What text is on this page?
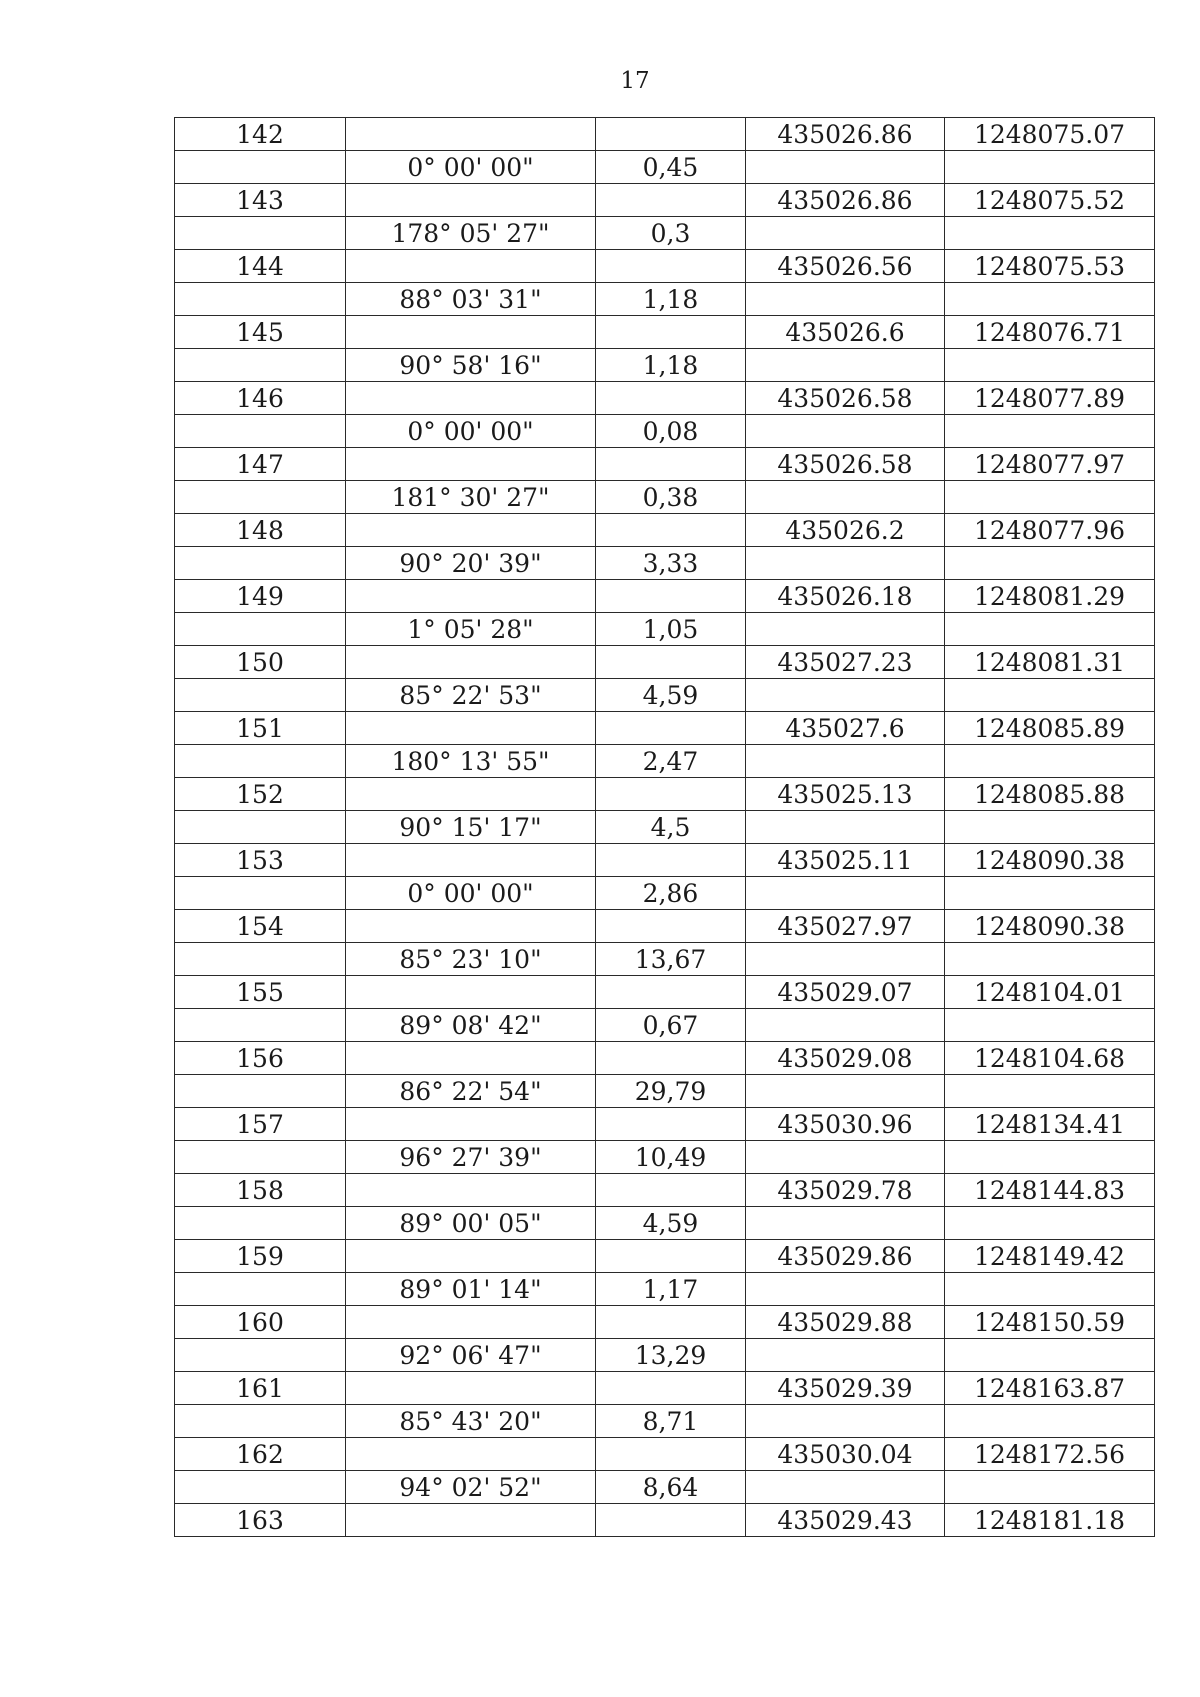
17
142			435026.86	1248075.07
	0° 00' 00"	0,45		
143			435026.86	1248075.52
	178° 05' 27"	0,3		
144			435026.56	1248075.53
	88° 03' 31"	1,18		
145			435026.6	1248076.71
	90° 58' 16"	1,18		
146			435026.58	1248077.89
	0° 00' 00"	0,08		
147			435026.58	1248077.97
	181° 30' 27"	0,38		
148			435026.2	1248077.96
	90° 20' 39"	3,33		
149			435026.18	1248081.29
	1° 05' 28"	1,05		
150			435027.23	1248081.31
	85° 22' 53"	4,59		
151			435027.6	1248085.89
	180° 13' 55"	2,47		
152			435025.13	1248085.88
	90° 15' 17"	4,5		
153			435025.11	1248090.38
	0° 00' 00"	2,86		
154			435027.97	1248090.38
	85° 23' 10"	13,67		
155			435029.07	1248104.01
	89° 08' 42"	0,67		
156			435029.08	1248104.68
	86° 22' 54"	29,79		
157			435030.96	1248134.41
	96° 27' 39"	10,49		
158			435029.78	1248144.83
	89° 00' 05"	4,59		
159			435029.86	1248149.42
	89° 01' 14"	1,17		
160			435029.88	1248150.59
	92° 06' 47"	13,29		
161			435029.39	1248163.87
	85° 43' 20"	8,71		
162			435030.04	1248172.56
	94° 02' 52"	8,64		
163			435029.43	1248181.18
